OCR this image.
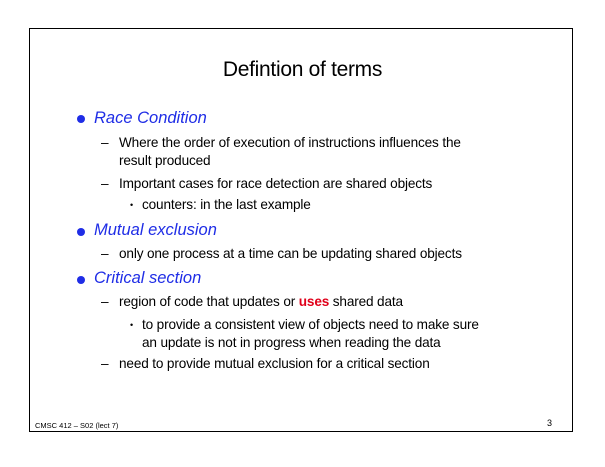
Defintion of terms
Race Condition
– Where the order of execution of instructions influences the
result produced
– Important cases for race detection are shared objects
• counters: in the last example
Mutual exclusion
– only one process at a time can be updating shared objects
Critical section
– region of code that updates or uses shared data
• to provide a consistent view of objects need to make sure
an update is not in progress when reading the data
– need to provide mutual exclusion for a critical section
CMSC 412 – S02 (lect 7)	3
